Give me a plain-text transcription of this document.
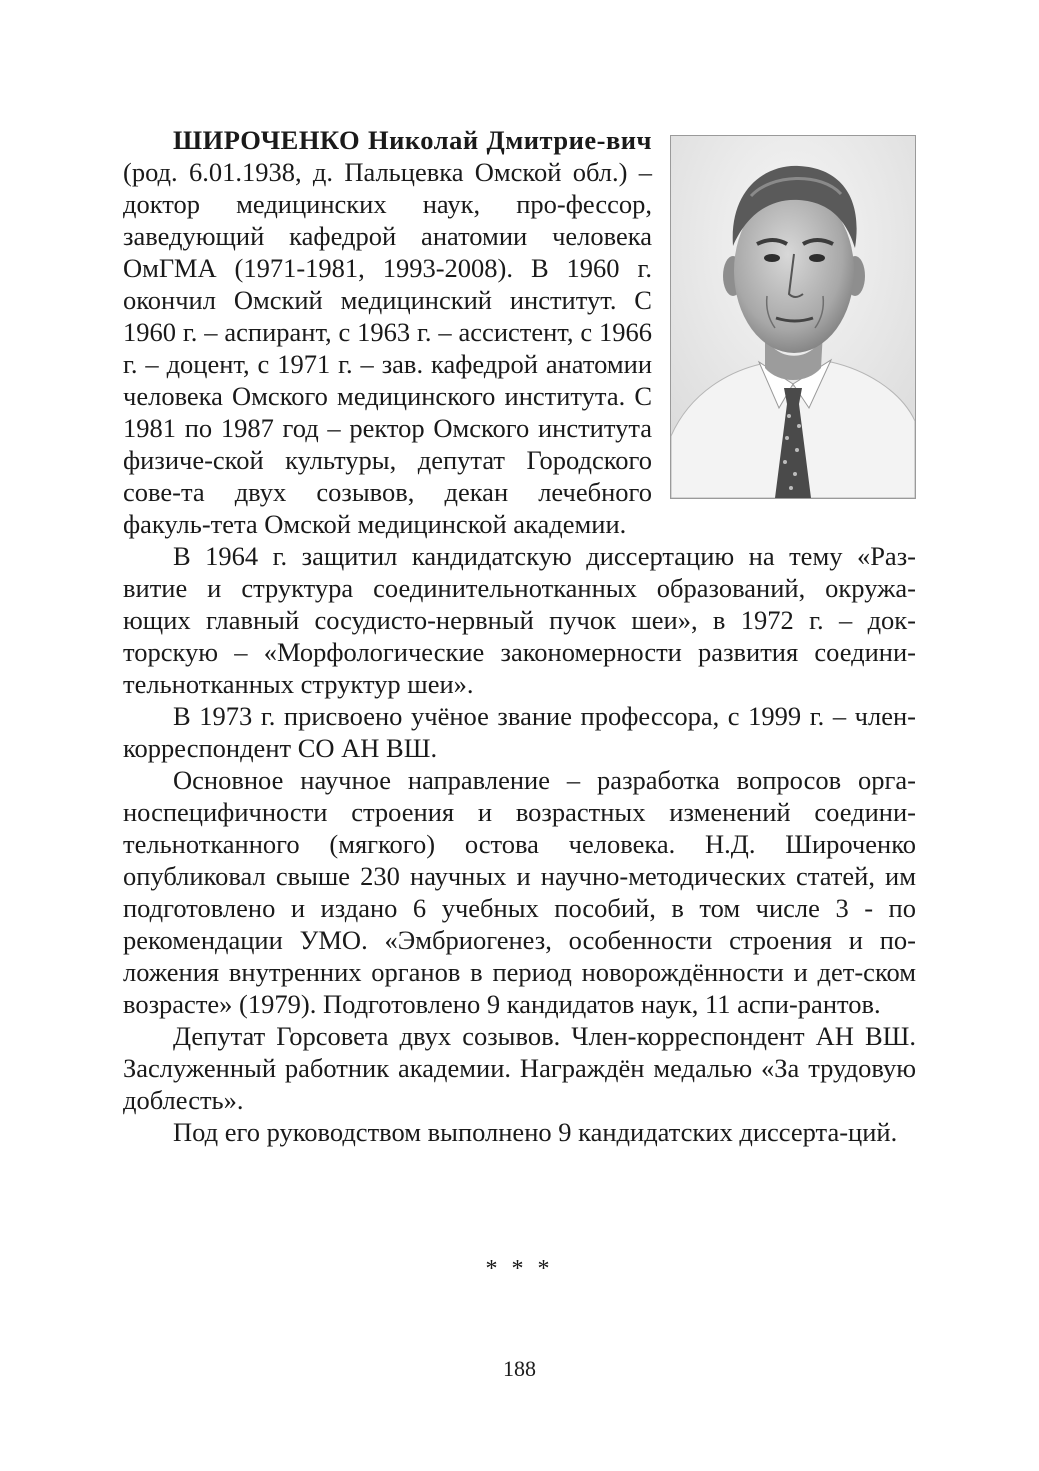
ШИРОЧЕНКО Николай Дмитрие-вич (род. 6.01.1938, д. Пальцевка Омской обл.) – доктор медицинских наук, про-фессор, заведующий кафедрой анатомии человека ОмГМА (1971-1981, 1993-2008). В 1960 г. окончил Омский медицинский институт. С 1960 г. – аспирант, с 1963 г. – ассистент, с 1966 г. – доцент, с 1971 г. – зав. кафедрой анатомии человека Омского медицинского института. С 1981 по 1987 год – ректор Омского института физиче-ской культуры, депутат Городского сове-та двух созывов, декан лечебного факуль-тета Омской медицинской академии.

В 1964 г. защитил кандидатскую диссертацию на тему «Раз-витие и структура соединительнотканных образований, окружа-ющих главный сосудисто-нервный пучок шеи», в 1972 г. – док-торскую – «Морфологические закономерности развития соедини-тельнотканных структур шеи».

В 1973 г. присвоено учёное звание профессора, с 1999 г. – член-корреспондент СО АН ВШ.

Основное научное направление – разработка вопросов орга-носпецифичности строения и возрастных изменений соедини-тельнотканного (мягкого) остова человека. Н.Д. Широченко опубликовал свыше 230 научных и научно-методических статей, им подготовлено и издано 6 учебных пособий, в том числе 3 - по рекомендации УМО. «Эмбриогенез, особенности строения и по-ложения внутренних органов в период новорождённости и дет-ском возрасте» (1979). Подготовлено 9 кандидатов наук, 11 аспи-рантов.

Депутат Горсовета двух созывов. Член-корреспондент АН ВШ. Заслуженный работник академии. Награждён медалью «За трудовую доблесть».

Под его руководством выполнено 9 кандидатских диссерта-ций.

* * *
188
